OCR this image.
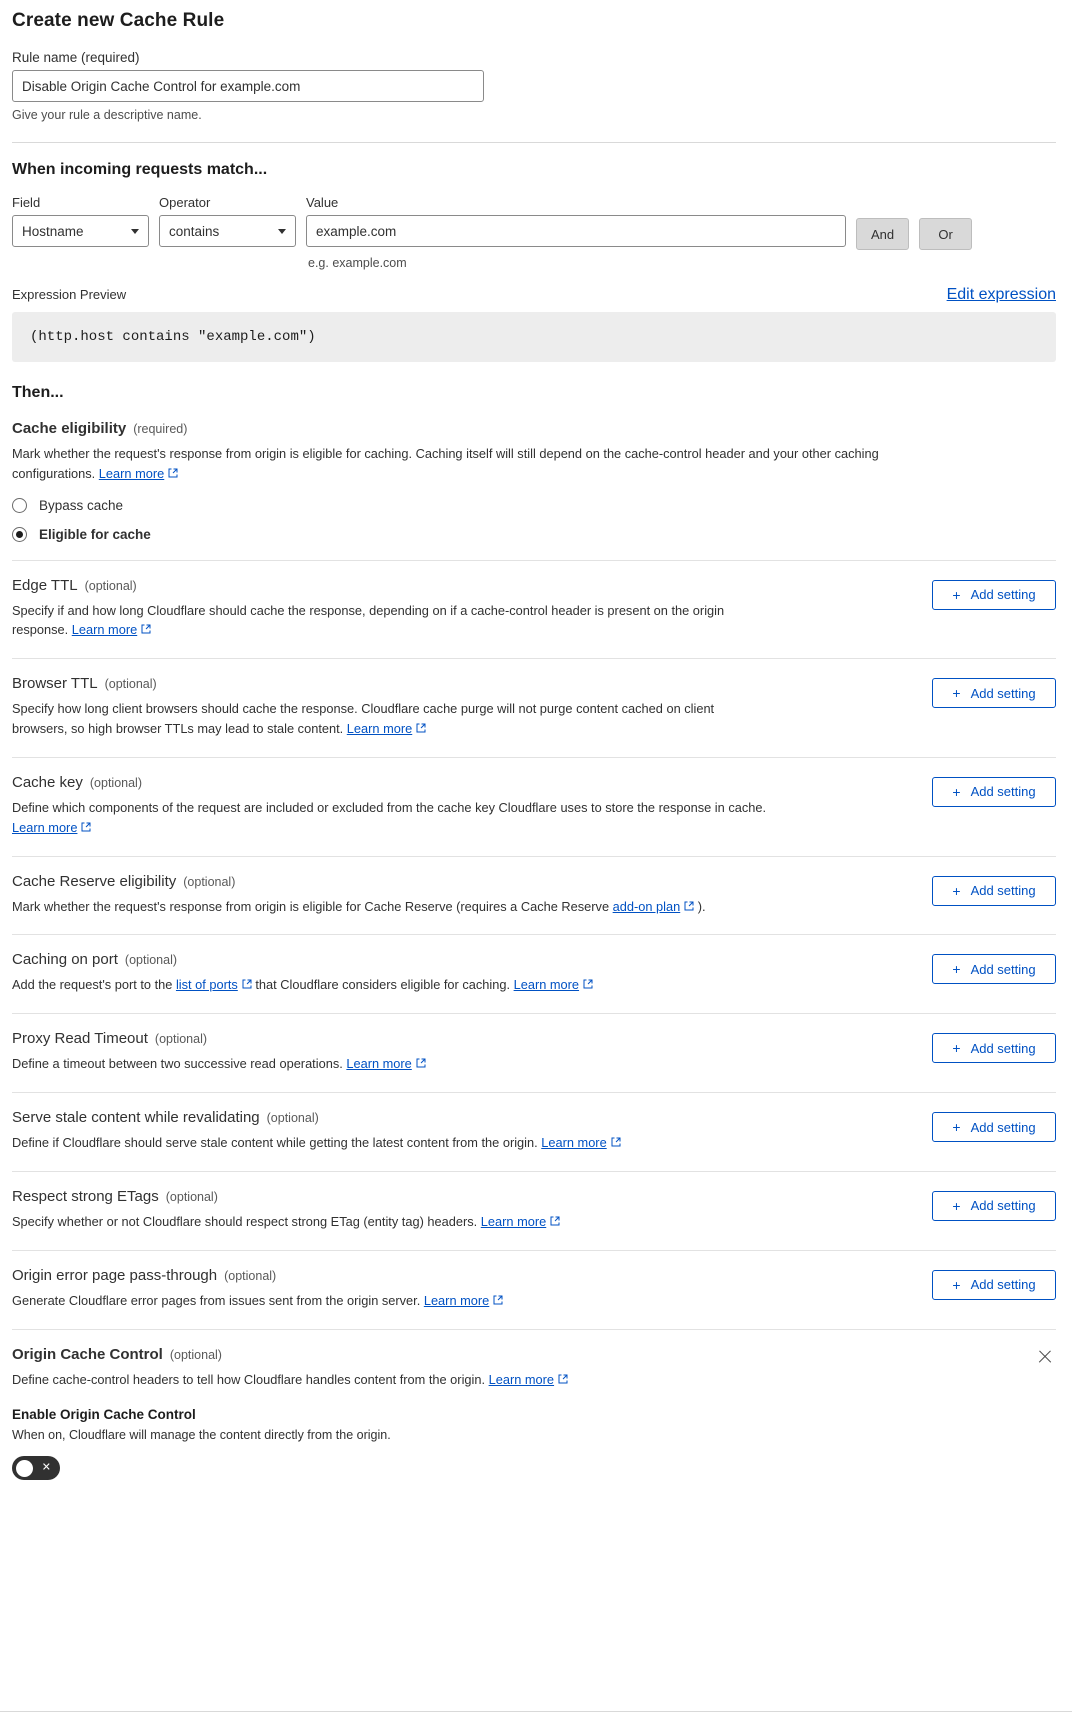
Create new Cache Rule
Rule name (required)
Disable Origin Cache Control for example.com
Give your rule a descriptive name.
When incoming requests match...
Field
Hostname
Operator
contains
Value
example.com	And	Or
e.g. example.com
Expression Preview	Edit expression
(http.host contains "example.com")
Then...
Cache eligibility (required)
Mark whether the request's response from origin is eligible for caching. Caching itself will still depend on the cache-control header and your other caching configurations. Learn more
Bypass cache
Eligible for cache
Edge TTL (optional)
Specify if and how long Cloudflare should cache the response, depending on if a cache-control header is present on the origin response. Learn more
+ Add setting
Browser TTL (optional)
Specify how long client browsers should cache the response. Cloudflare cache purge will not purge content cached on client browsers, so high browser TTLs may lead to stale content. Learn more
+ Add setting
Cache key (optional)
Define which components of the request are included or excluded from the cache key Cloudflare uses to store the response in cache. Learn more
+ Add setting
Cache Reserve eligibility (optional)
Mark whether the request's response from origin is eligible for Cache Reserve (requires a Cache Reserve add-on plan ).
+ Add setting
Caching on port (optional)
Add the request's port to the list of ports that Cloudflare considers eligible for caching. Learn more
+ Add setting
Proxy Read Timeout (optional)
Define a timeout between two successive read operations. Learn more
+ Add setting
Serve stale content while revalidating (optional)
Define if Cloudflare should serve stale content while getting the latest content from the origin. Learn more
+ Add setting
Respect strong ETags (optional)
Specify whether or not Cloudflare should respect strong ETag (entity tag) headers. Learn more
+ Add setting
Origin error page pass-through (optional)
Generate Cloudflare error pages from issues sent from the origin server. Learn more
+ Add setting
Origin Cache Control (optional)
Define cache-control headers to tell how Cloudflare handles content from the origin. Learn more
Enable Origin Cache Control
When on, Cloudflare will manage the content directly from the origin.
✕
